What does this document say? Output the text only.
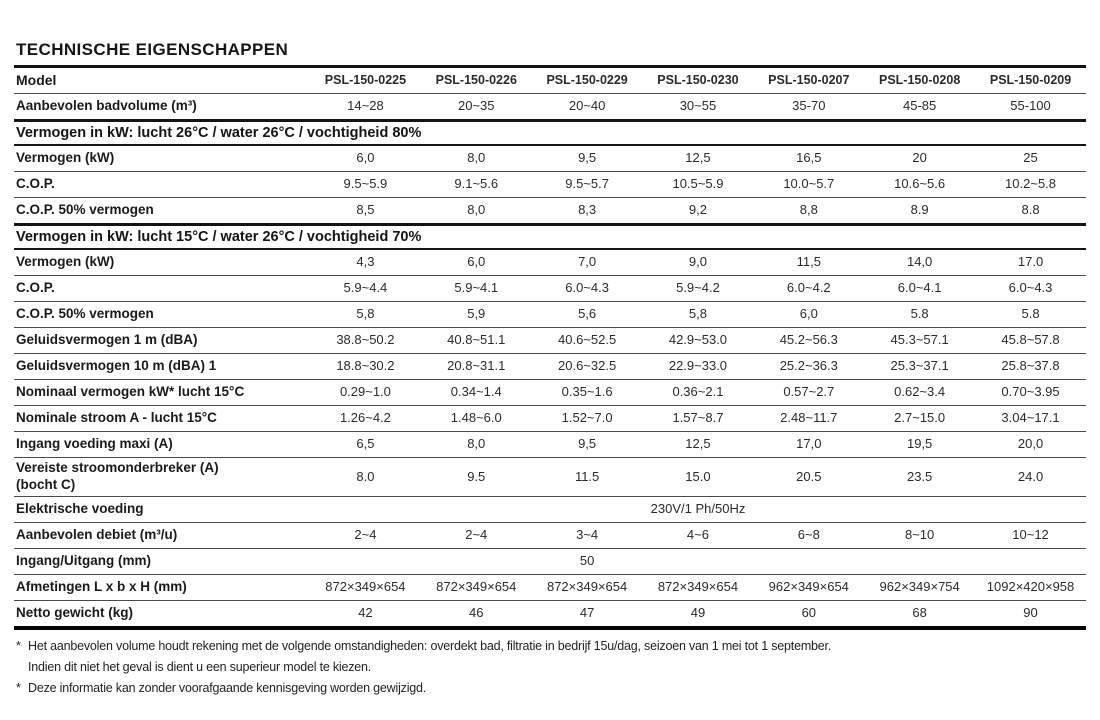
TECHNISCHE EIGENSCHAPPEN
Model	PSL-150-0225	PSL-150-0226	PSL-150-0229	PSL-150-0230	PSL-150-0207	PSL-150-0208	PSL-150-0209
Aanbevolen badvolume (m³)	14~28	20~35	20~40	30~55	35-70	45-85	55-100
Vermogen in kW: lucht 26°C / water 26°C / vochtigheid 80%							
Vermogen (kW)	6,0	8,0	9,5	12,5	16,5	20	25
C.O.P.	9.5~5.9	9.1~5.6	9.5~5.7	10.5~5.9	10.0~5.7	10.6~5.6	10.2~5.8
C.O.P. 50% vermogen	8,5	8,0	8,3	9,2	8,8	8.9	8.8
Vermogen in kW: lucht 15°C / water 26°C / vochtigheid 70%							
Vermogen (kW)	4,3	6,0	7,0	9,0	11,5	14,0	17.0
C.O.P.	5.9~4.4	5.9~4.1	6.0~4.3	5.9~4.2	6.0~4.2	6.0~4.1	6.0~4.3
C.O.P. 50% vermogen	5,8	5,9	5,6	5,8	6,0	5.8	5.8
Geluidsvermogen 1 m (dBA)	38.8~50.2	40.8~51.1	40.6~52.5	42.9~53.0	45.2~56.3	45.3~57.1	45.8~57.8
Geluidsvermogen 10 m (dBA) 1	18.8~30.2	20.8~31.1	20.6~32.5	22.9~33.0	25.2~36.3	25.3~37.1	25.8~37.8
Nominaal vermogen kW* lucht 15°C	0.29~1.0	0.34~1.4	0.35~1.6	0.36~2.1	0.57~2.7	0.62~3.4	0.70~3.95
Nominale stroom A - lucht 15°C	1.26~4.2	1.48~6.0	1.52~7.0	1.57~8.7	2.48~11.7	2.7~15.0	3.04~17.1
Ingang voeding maxi (A)	6,5	8,0	9,5	12,5	17,0	19,5	20,0
Vereiste stroomonderbreker (A)
(bocht C)	8.0	9.5	11.5	15.0	20.5	23.5	24.0
Elektrische voeding	230V/1 Ph/50Hz						
Aanbevolen debiet (m³/u)	2~4	2~4	3~4	4~6	6~8	8~10	10~12
Ingang/Uitgang (mm)	50						
Afmetingen L x b x H (mm)	872×349×654	872×349×654	872×349×654	872×349×654	962×349×654	962×349×754	1092×420×958
Netto gewicht (kg)	42	46	47	49	60	68	90

* Het aanbevolen volume houdt rekening met de volgende omstandigheden: overdekt bad, filtratie in bedrijf 15u/dag, seizoen van 1 mei tot 1 september.

Indien dit niet het geval is dient u een superieur model te kiezen.

* Deze informatie kan zonder voorafgaande kennisgeving worden gewijzigd.
